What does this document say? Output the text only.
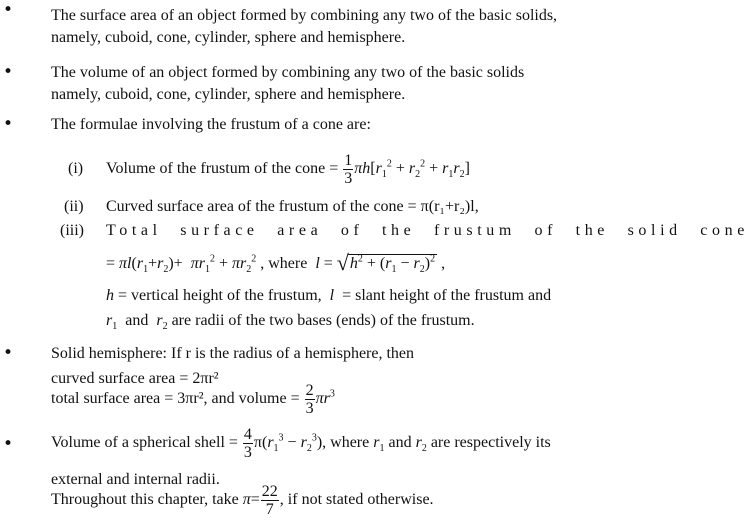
• The surface area of an object formed by combining any two of the basic solids,
namely, cuboid, cone, cylinder, sphere and hemisphere.
• The volume of an object formed by combining any two of the basic solids
namely, cuboid, cone, cylinder, sphere and hemisphere.
• The formulae involving the frustum of a cone are:
(i) Volume of the frustum of the cone = $\frac{1}{3} \pi h[r_1^2 + r_2^2 + r_1r_2]$
(ii) Curved surface area of the frustum of the cone = π(r₁+r₂)l,
(iii) Total surface area of the frustum of the solid cone
= $\pi l(r_1+r_2)+ \pi r_1^2 + \pi r_2^2$ , where $l = √h^2 + (r_1 - r_2)^2$ ,
h = vertical height of the frustum, l = slant height of the frustum and
$r_1$ and $r_2$ are radii of the two bases (ends) of the frustum.
• Solid hemisphere: If r is the radius of a hemisphere, then
curved surface area = 2πr²
total surface area = 3πr², and volume = $\frac{2}{3} \pi r^3$
• Volume of a spherical shell = $\frac{4}{3} \pi(r_1^3 - r_2^3)$, where $r_1$ and $r_2$ are respectively its
external and internal radii.
Throughout this chapter, take $\pi= \frac{22}{7}$ , if not stated otherwise.
